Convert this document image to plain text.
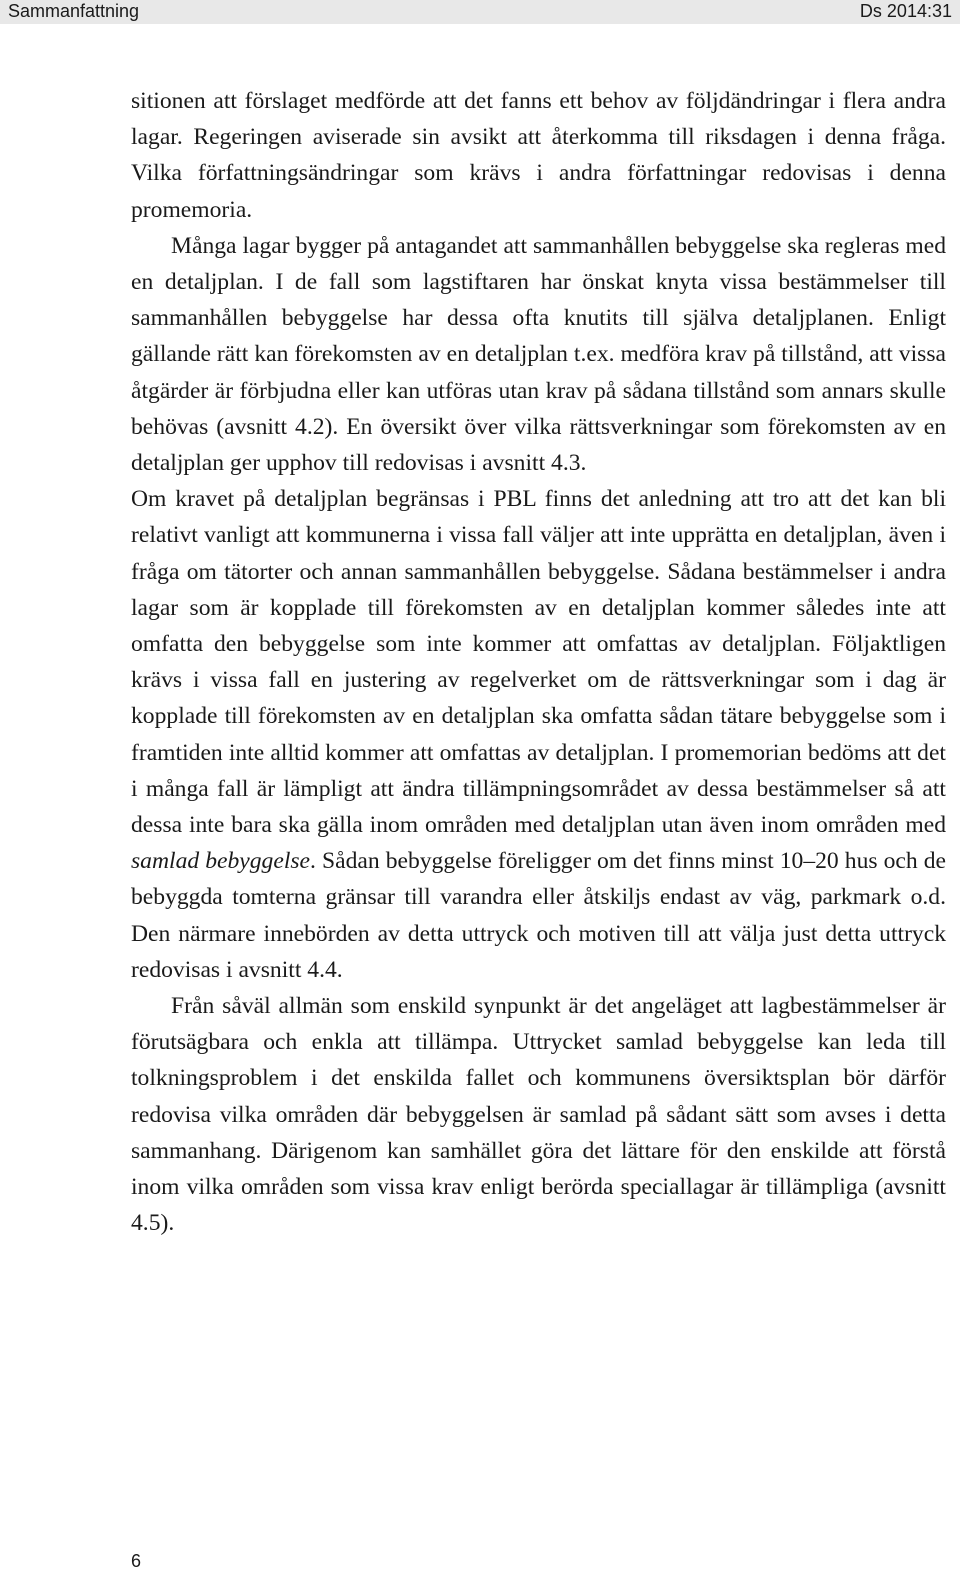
Sammanfattning	Ds 2014:31

sitionen att förslaget medförde att det fanns ett behov av följdändringar i flera andra lagar. Regeringen aviserade sin avsikt att återkomma till riksdagen i denna fråga. Vilka författningsändringar som krävs i andra författningar redovisas i denna promemoria.

Många lagar bygger på antagandet att sammanhållen bebyggelse ska regleras med en detaljplan. I de fall som lagstiftaren har önskat knyta vissa bestämmelser till sammanhållen bebyggelse har dessa ofta knutits till själva detaljplanen. Enligt gällande rätt kan förekomsten av en detaljplan t.ex. medföra krav på tillstånd, att vissa åtgärder är förbjudna eller kan utföras utan krav på sådana tillstånd som annars skulle behövas (avsnitt 4.2). En översikt över vilka rättsverkningar som förekomsten av en detaljplan ger upphov till redovisas i avsnitt 4.3.

Om kravet på detaljplan begränsas i PBL finns det anledning att tro att det kan bli relativt vanligt att kommunerna i vissa fall väljer att inte upprätta en detaljplan, även i fråga om tätorter och annan sammanhållen bebyggelse. Sådana bestämmelser i andra lagar som är kopplade till förekomsten av en detaljplan kommer således inte att omfatta den bebyggelse som inte kommer att omfattas av detaljplan. Följaktligen krävs i vissa fall en justering av regelverket om de rättsverkningar som i dag är kopplade till förekomsten av en detaljplan ska omfatta sådan tätare bebyggelse som i framtiden inte alltid kommer att omfattas av detaljplan. I promemorian bedöms att det i många fall är lämpligt att ändra tillämpningsområdet av dessa bestämmelser så att dessa inte bara ska gälla inom områden med detaljplan utan även inom områden med samlad bebyggelse. Sådan bebyggelse föreligger om det finns minst 10–20 hus och de bebyggda tomterna gränsar till varandra eller åtskiljs endast av väg, parkmark o.d. Den närmare innebörden av detta uttryck och motiven till att välja just detta uttryck redovisas i avsnitt 4.4.

Från såväl allmän som enskild synpunkt är det angeläget att lagbestämmelser är förutsägbara och enkla att tillämpa. Uttrycket samlad bebyggelse kan leda till tolkningsproblem i det enskilda fallet och kommunens översiktsplan bör därför redovisa vilka områden där bebyggelsen är samlad på sådant sätt som avses i detta sammanhang. Därigenom kan samhället göra det lättare för den enskilde att förstå inom vilka områden som vissa krav enligt berörda speciallagar är tillämpliga (avsnitt 4.5).

6
